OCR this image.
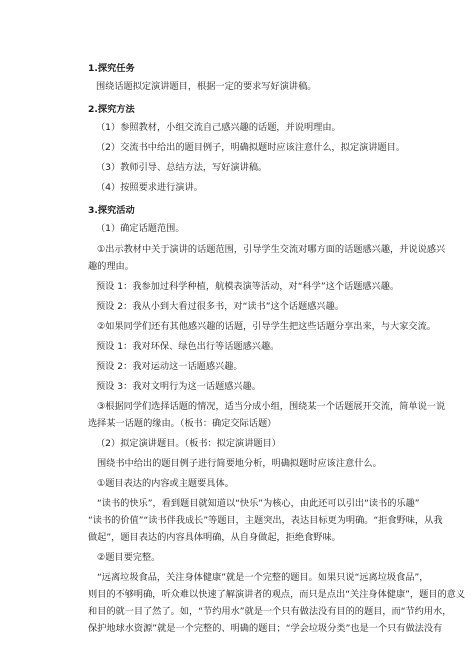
1.探究任务
围绕话题拟定演讲题目，根据一定的要求写好演讲稿。
2.探究方法
（1）参照教材，小组交流自己感兴趣的话题，并说明理由。
（2）交流书中给出的题目例子，明确拟题时应该注意什么，拟定演讲题目。
（3）教师引导、总结方法，写好演讲稿。
（4）按照要求进行演讲。
3.探究活动
（1）确定话题范围。
①出示教材中关于演讲的话题范围，引导学生交流对哪方面的话题感兴趣，并说说感兴
趣的理由。
预设 1：我参加过科学种植，航模表演等活动，对“科学”这个话题感兴趣。
预设 2：我从小到大看过很多书，对“读书”这个话题感兴趣。
②如果同学们还有其他感兴趣的话题，引导学生把这些话题分享出来，与大家交流。
预设 1：我对环保、绿色出行等话题感兴趣。
预设 2：我对运动这一话题感兴趣。
预设 3：我对文明行为这一话题感兴趣。
③根据同学们选择话题的情况，适当分成小组，围绕某一个话题展开交流，简单说一说
选择某一话题的缘由。（板书：确定交际话题）
（2）拟定演讲题目。（板书：拟定演讲题目）
围绕书中给出的题目例子进行简要地分析，明确拟题时应该注意什么。
①题目表达的内容或主题要具体。
“读书的快乐”，看到题目就知道以“快乐”为核心，由此还可以引出“读书的乐趣”
“读书的价值”“读书伴我成长”等题目，主题突出，表达目标更为明确。“拒食野味，从我
做起”，题目表达的内容具体明确，从自身做起，拒绝食野味。
②题目要完整。
“远离垃圾食品，关注身体健康”就是一个完整的题目。如果只说“远离垃圾食品”，
则目的不够明确，听众难以快速了解演讲者的观点，而只是点出“关注身体健康”，题目的意义
和目的就一目了然了。如，“节约用水”就是一个只有做法没有目的的题目，而“节约用水，
保护地球水资源”就是一个完整的、明确的题目；“学会垃圾分类”也是一个只有做法没有
